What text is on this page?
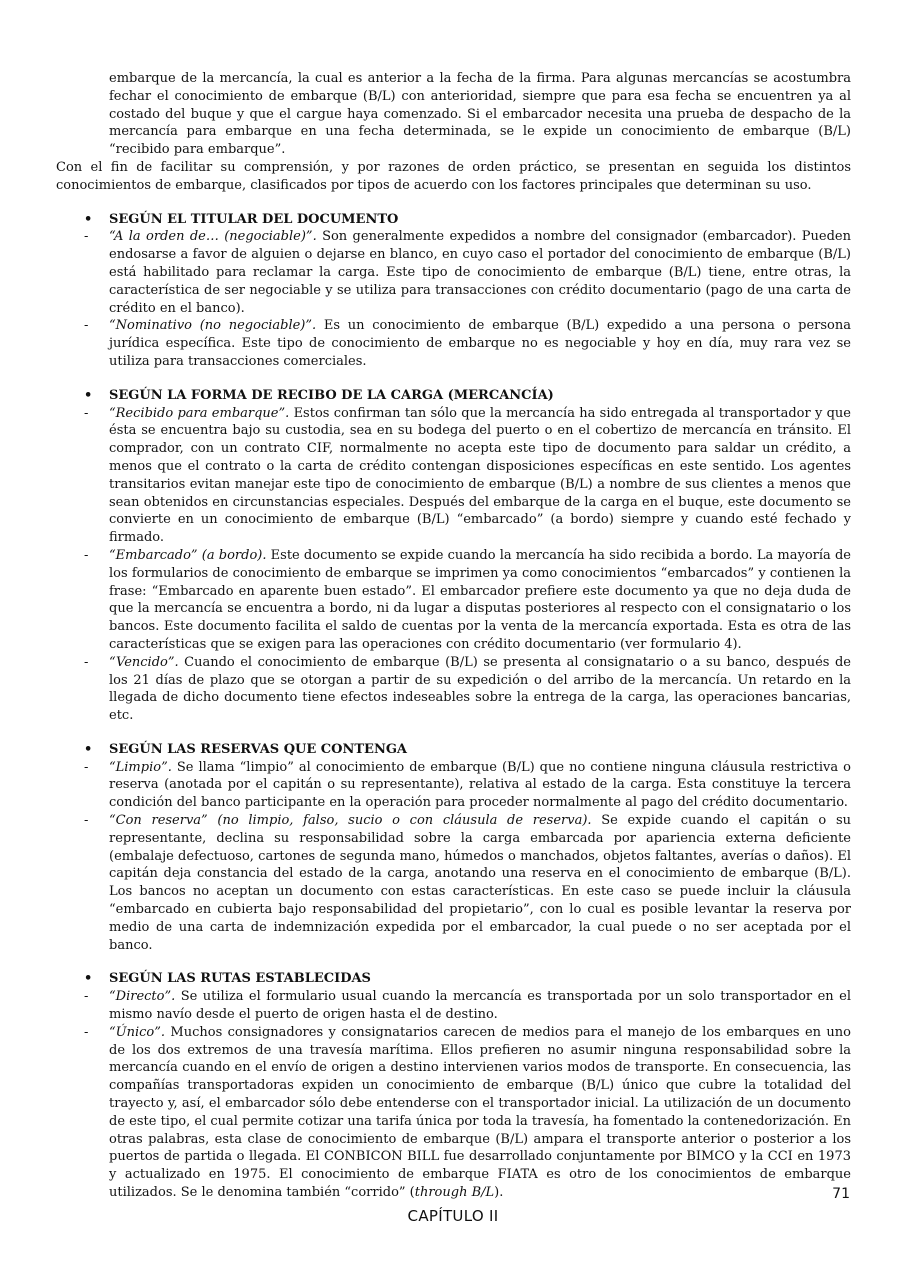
embarque de la mercancía, la cual es anterior a la fecha de la firma. Para algunas mercancías se acostumbra fechar el conocimiento de embarque (B/L) con anterioridad, siempre que para esa fecha se encuentren ya al costado del buque y que el cargue haya comenzado. Si el embarcador necesita una prueba de despacho de la mercancía para embarque en una fecha determinada, se le expide un conocimiento de embarque (B/L) “recibido para embarque”.

Con el fin de facilitar su comprensión, y por razones de orden práctico, se presentan en seguida los distintos conocimientos de embarque, clasificados por tipos de acuerdo con los factores principales que determinan su uso.

• SEGÚN EL TITULAR DEL DOCUMENTO

- “A la orden de… (negociable)”. Son generalmente expedidos a nombre del consignador (embarcador). Pueden endosarse a favor de alguien o dejarse en blanco, en cuyo caso el portador del conocimiento de embarque (B/L) está habilitado para reclamar la carga. Este tipo de conocimiento de embarque (B/L) tiene, entre otras, la característica de ser negociable y se utiliza para transacciones con crédito documentario (pago de una carta de crédito en el banco).

- “Nominativo (no negociable)”. Es un conocimiento de embarque (B/L) expedido a una persona o persona jurídica específica. Este tipo de conocimiento de embarque no es negociable y hoy en día, muy rara vez se utiliza para transacciones comerciales.

• SEGÚN LA FORMA DE RECIBO DE LA CARGA (MERCANCÍA)

- “Recibido para embarque”. Estos confirman tan sólo que la mercancía ha sido entregada al transportador y que ésta se encuentra bajo su custodia, sea en su bodega del puerto o en el cobertizo de mercancía en tránsito. El comprador, con un contrato CIF, normalmente no acepta este tipo de documento para saldar un crédito, a menos que el contrato o la carta de crédito contengan disposiciones específicas en este sentido. Los agentes transitarios evitan manejar este tipo de conocimiento de embarque (B/L) a nombre de sus clientes a menos que sean obtenidos en circunstancias especiales. Después del embarque de la carga en el buque, este documento se convierte en un conocimiento de embarque (B/L) “embarcado” (a bordo) siempre y cuando esté fechado y firmado.

- “Embarcado” (a bordo). Este documento se expide cuando la mercancía ha sido recibida a bordo. La mayoría de los formularios de conocimiento de embarque se imprimen ya como conocimientos “embarcados” y contienen la frase: “Embarcado en aparente buen estado”. El embarcador prefiere este documento ya que no deja duda de que la mercancía se encuentra a bordo, ni da lugar a disputas posteriores al respecto con el consignatario o los bancos. Este documento facilita el saldo de cuentas por la venta de la mercancía exportada. Esta es otra de las características que se exigen para las operaciones con crédito documentario (ver formulario 4).

- “Vencido”. Cuando el conocimiento de embarque (B/L) se presenta al consignatario o a su banco, después de los 21 días de plazo que se otorgan a partir de su expedición o del arribo de la mercancía. Un retardo en la llegada de dicho documento tiene efectos indeseables sobre la entrega de la carga, las operaciones bancarias, etc.

• SEGÚN LAS RESERVAS QUE CONTENGA

- “Limpio”. Se llama “limpio” al conocimiento de embarque (B/L) que no contiene ninguna cláusula restrictiva o reserva (anotada por el capitán o su representante), relativa al estado de la carga. Esta constituye la tercera condición del banco participante en la operación para proceder normalmente al pago del crédito documentario.

- “Con reserva” (no limpio, falso, sucio o con cláusula de reserva). Se expide cuando el capitán o su representante, declina su responsabilidad sobre la carga embarcada por apariencia externa deficiente (embalaje defectuoso, cartones de segunda mano, húmedos o manchados, objetos faltantes, averías o daños). El capitán deja constancia del estado de la carga, anotando una reserva en el conocimiento de embarque (B/L). Los bancos no aceptan un documento con estas características. En este caso se puede incluir la cláusula “embarcado en cubierta bajo responsabilidad del propietario”, con lo cual es posible levantar la reserva por medio de una carta de indemnización expedida por el embarcador, la cual puede o no ser aceptada por el banco.

• SEGÚN LAS RUTAS ESTABLECIDAS

- “Directo”. Se utiliza el formulario usual cuando la mercancía es transportada por un solo transportador en el mismo navío desde el puerto de origen hasta el de destino.

- “Único”. Muchos consignadores y consignatarios carecen de medios para el manejo de los embarques en uno de los dos extremos de una travesía marítima. Ellos prefieren no asumir ninguna responsabilidad sobre la mercancía cuando en el envío de origen a destino intervienen varios modos de transporte. En consecuencia, las compañías transportadoras expiden un conocimiento de embarque (B/L) único que cubre la totalidad del trayecto y, así, el embarcador sólo debe entenderse con el transportador inicial. La utilización de un documento de este tipo, el cual permite cotizar una tarifa única por toda la travesía, ha fomentado la contenedorización. En otras palabras, esta clase de conocimiento de embarque (B/L) ampara el transporte anterior o posterior a los puertos de partida o llegada. El CONBICON BILL fue desarrollado conjuntamente por BIMCO y la CCI en 1973 y actualizado en 1975. El conocimiento de embarque FIATA es otro de los conocimientos de embarque utilizados. Se le denomina también “corrido” (through B/L).	71
CAPÍTULO II
